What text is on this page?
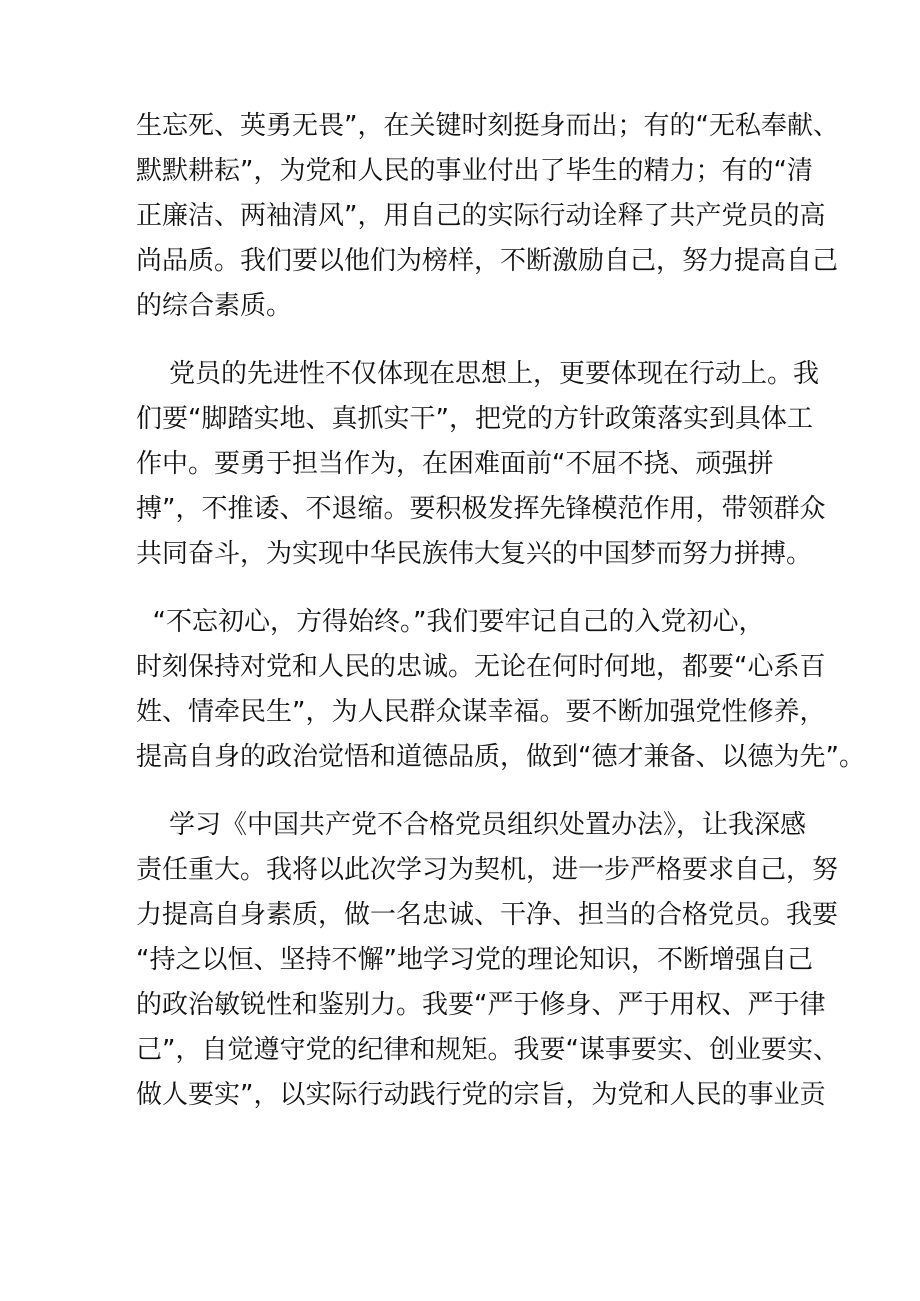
生忘死、英勇无畏”，在关键时刻挺身而出；有的“无私奉献、
默默耕耘”，为党和人民的事业付出了毕生的精力；有的“清
正廉洁、两袖清风”，用自己的实际行动诠释了共产党员的高
尚品质。我们要以他们为榜样，不断激励自己，努力提高自己
的综合素质。

党员的先进性不仅体现在思想上，更要体现在行动上。我
们要“脚踏实地、真抓实干”，把党的方针政策落实到具体工
作中。要勇于担当作为，在困难面前“不屈不挠、顽强拼
搏”，不推诿、不退缩。要积极发挥先锋模范作用，带领群众
共同奋斗，为实现中华民族伟大复兴的中国梦而努力拼搏。

“不忘初心，方得始终。”我们要牢记自己的入党初心，
时刻保持对党和人民的忠诚。无论在何时何地，都要“心系百
姓、情牵民生”，为人民群众谋幸福。要不断加强党性修养，
提高自身的政治觉悟和道德品质，做到“德才兼备、以德为先”。

学习《中国共产党不合格党员组织处置办法》，让我深感
责任重大。我将以此次学习为契机，进一步严格要求自己，努
力提高自身素质，做一名忠诚、干净、担当的合格党员。我要
“持之以恒、坚持不懈”地学习党的理论知识，不断增强自己
的政治敏锐性和鉴别力。我要“严于修身、严于用权、严于律
己”，自觉遵守党的纪律和规矩。我要“谋事要实、创业要实、
做人要实”，以实际行动践行党的宗旨，为党和人民的事业贡
